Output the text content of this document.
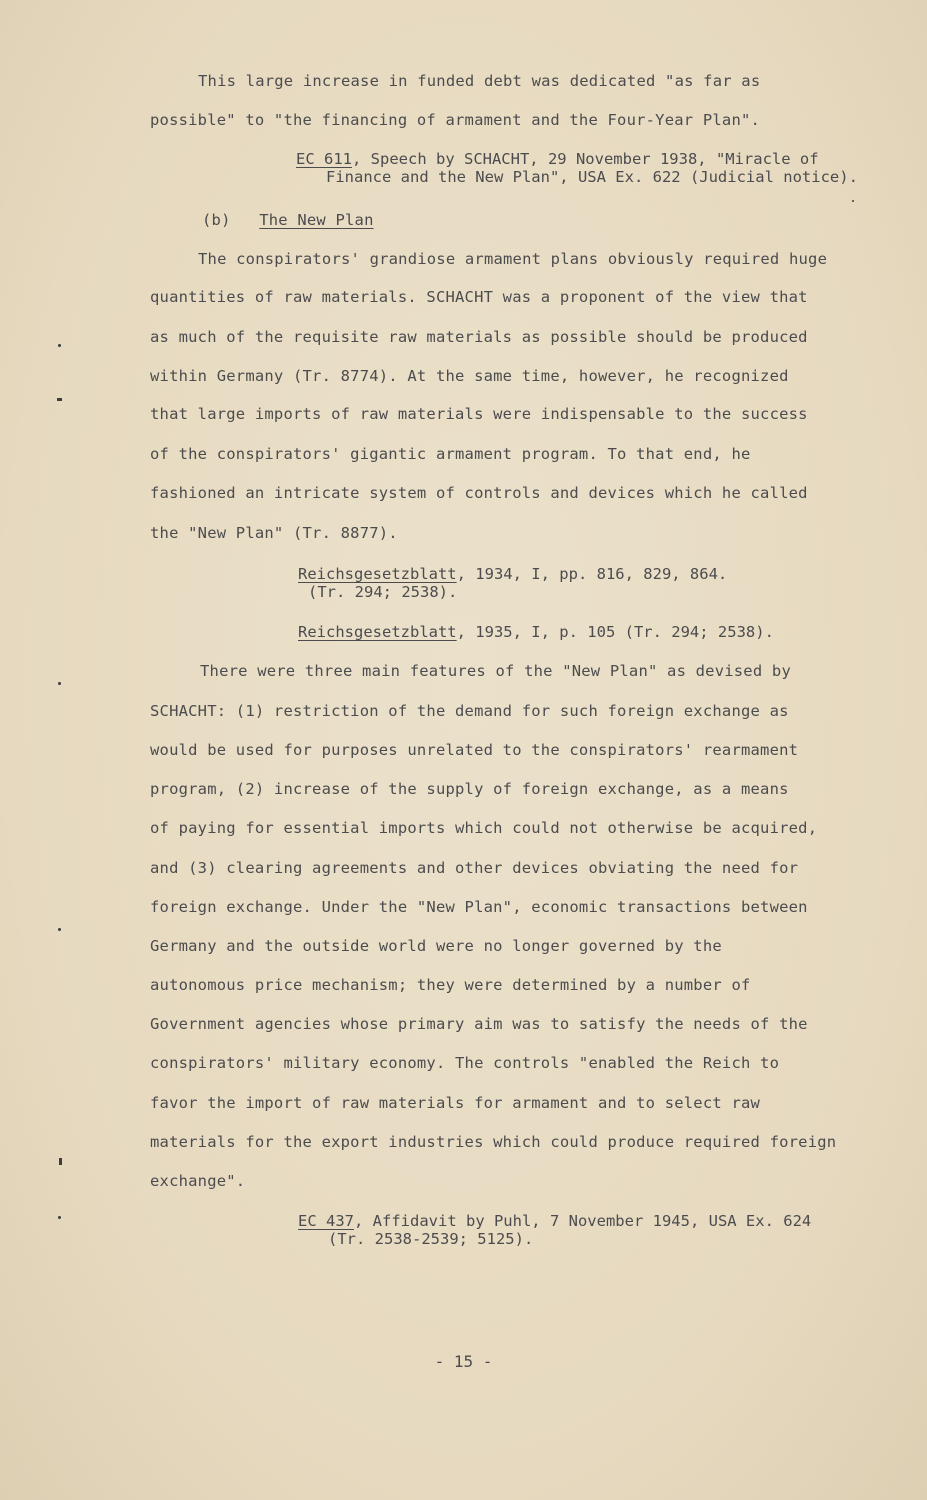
This large increase in funded debt was dedicated "as far as
possible" to "the financing of armament and the Four-Year Plan".
EC 611, Speech by SCHACHT, 29 November 1938, "Miracle of
Finance and the New Plan", USA Ex. 622 (Judicial notice).
(b) The New Plan
The conspirators' grandiose armament plans obviously required huge
quantities of raw materials. SCHACHT was a proponent of the view that
as much of the requisite raw materials as possible should be produced
within Germany (Tr. 8774). At the same time, however, he recognized
that large imports of raw materials were indispensable to the success
of the conspirators' gigantic armament program. To that end, he
fashioned an intricate system of controls and devices which he called
the "New Plan" (Tr. 8877).
Reichsgesetzblatt, 1934, I, pp. 816, 829, 864.
(Tr. 294; 2538).
Reichsgesetzblatt, 1935, I, p. 105 (Tr. 294; 2538).
There were three main features of the "New Plan" as devised by
SCHACHT: (1) restriction of the demand for such foreign exchange as
would be used for purposes unrelated to the conspirators' rearmament
program, (2) increase of the supply of foreign exchange, as a means
of paying for essential imports which could not otherwise be acquired,
and (3) clearing agreements and other devices obviating the need for
foreign exchange. Under the "New Plan", economic transactions between
Germany and the outside world were no longer governed by the
autonomous price mechanism; they were determined by a number of
Government agencies whose primary aim was to satisfy the needs of the
conspirators' military economy. The controls "enabled the Reich to
favor the import of raw materials for armament and to select raw
materials for the export industries which could produce required foreign
exchange".
EC 437, Affidavit by Puhl, 7 November 1945, USA Ex. 624
(Tr. 2538-2539; 5125).
- 15 -
